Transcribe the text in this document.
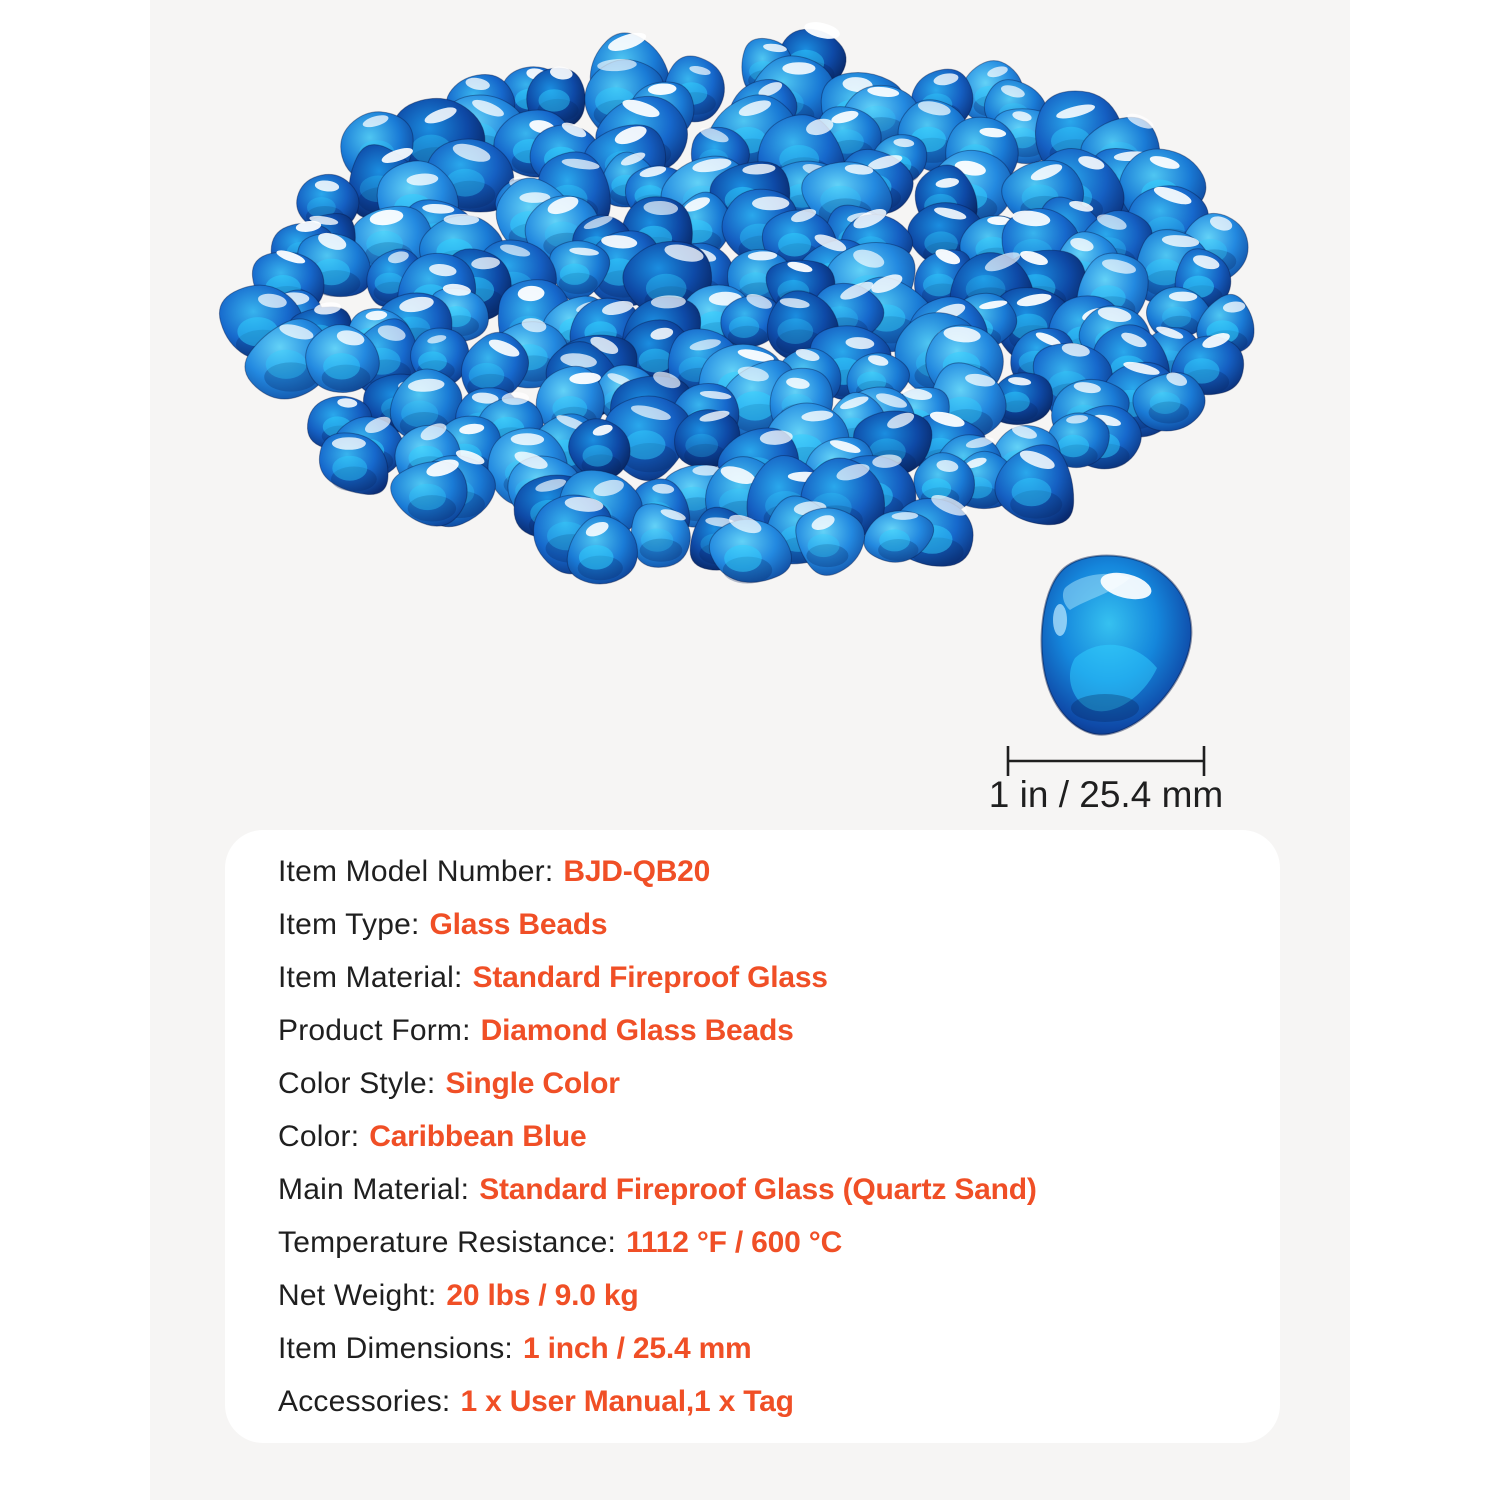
1 in / 25.4 mm
Item Model Number: BJD-QB20
Item Type: Glass Beads
Item Material: Standard Fireproof Glass
Product Form: Diamond Glass Beads
Color Style: Single Color
Color: Caribbean Blue
Main Material: Standard Fireproof Glass (Quartz Sand)
Temperature Resistance: 1112 °F / 600 °C
Net Weight: 20 lbs / 9.0 kg
Item Dimensions: 1 inch / 25.4 mm
Accessories: 1 x User Manual,1 x Tag
